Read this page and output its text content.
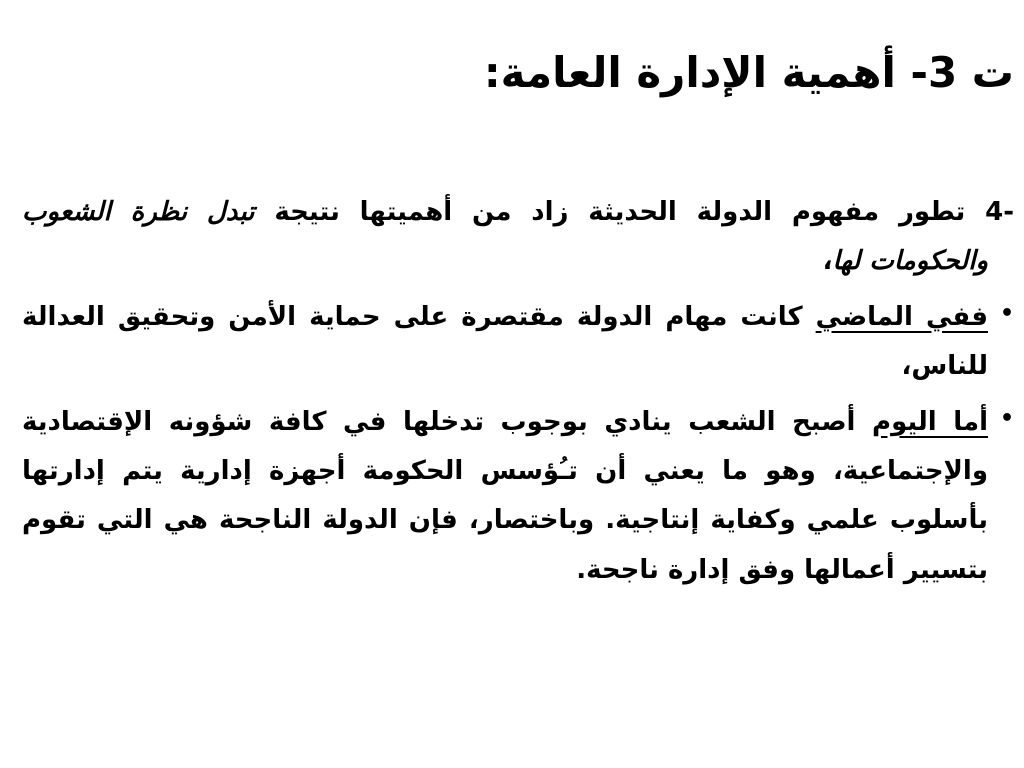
ت 3- أهمية الإدارة العامة:

-4 تطور مفهوم الدولة الحديثة زاد من أهميتها نتيجة تبدل نظرة الشعوب والحكومات لها،

•
ففي الماضي كانت مهام الدولة مقتصرة على حماية الأمن وتحقيق العدالة للناس،

•
أما اليوم أصبح الشعب ينادي بوجوب تدخلها في كافة شؤونه الإقتصادية والإجتماعية، وهو ما يعني أن تـُؤسس الحكومة أجهزة إدارية يتم إدارتها بأسلوب علمي وكفاية إنتاجية. وباختصار، فإن الدولة الناجحة هي التي تقوم بتسيير أعمالها وفق إدارة ناجحة.
